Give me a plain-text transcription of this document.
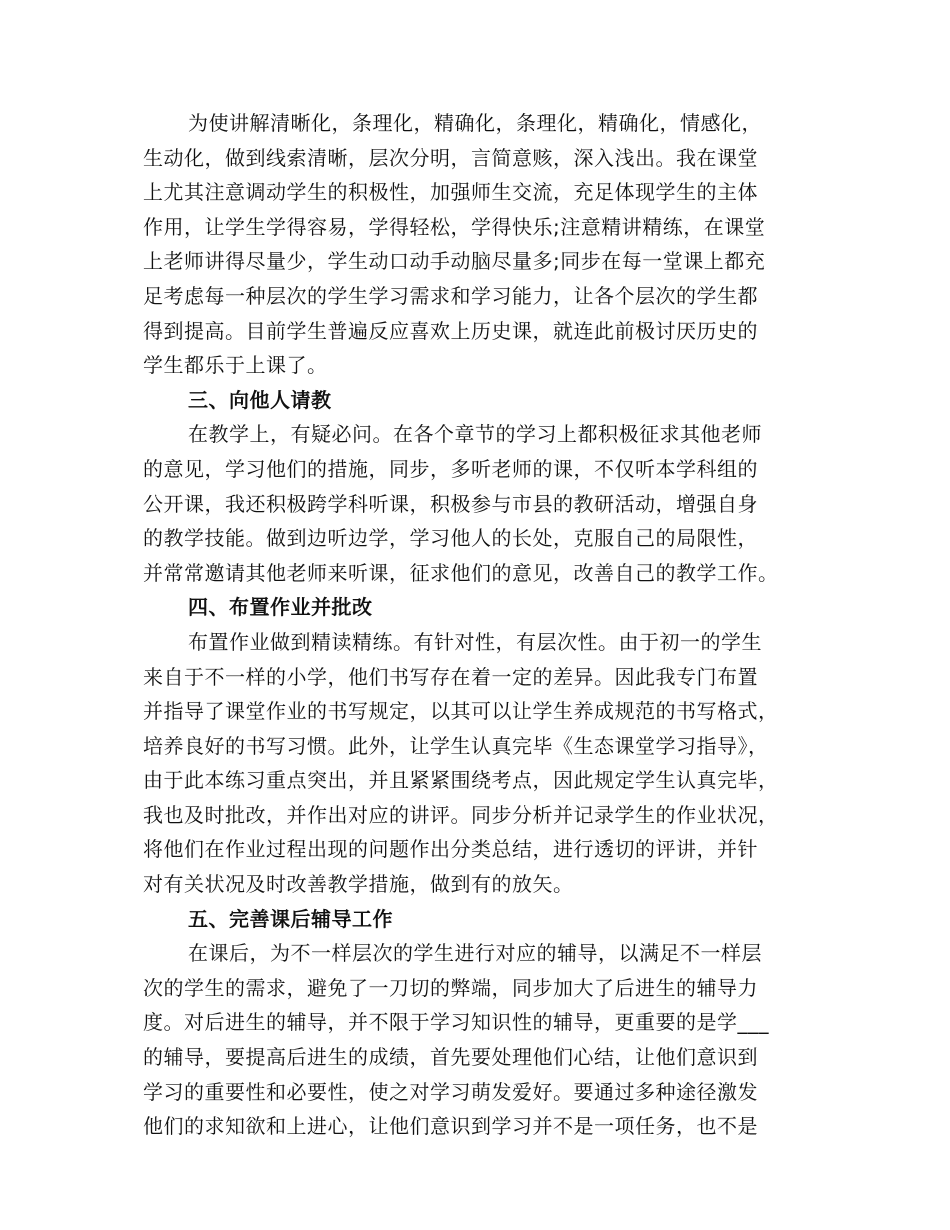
为使讲解清晰化，条理化，精确化，条理化，精确化，情感化，
生动化，做到线索清晰，层次分明，言简意赅，深入浅出。我在课堂
上尤其注意调动学生的积极性，加强师生交流，充足体现学生的主体
作用，让学生学得容易，学得轻松，学得快乐;注意精讲精练，在课堂
上老师讲得尽量少，学生动口动手动脑尽量多;同步在每一堂课上都充
足考虑每一种层次的学生学习需求和学习能力，让各个层次的学生都
得到提高。目前学生普遍反应喜欢上历史课，就连此前极讨厌历史的
学生都乐于上课了。

三、向他人请教

在教学上，有疑必问。在各个章节的学习上都积极征求其他老师
的意见，学习他们的措施，同步，多听老师的课，不仅听本学科组的
公开课，我还积极跨学科听课，积极参与市县的教研活动，增强自身
的教学技能。做到边听边学，学习他人的长处，克服自己的局限性，
并常常邀请其他老师来听课，征求他们的意见，改善自己的教学工作。

四、布置作业并批改

布置作业做到精读精练。有针对性，有层次性。由于初一的学生
来自于不一样的小学，他们书写存在着一定的差异。因此我专门布置
并指导了课堂作业的书写规定，以其可以让学生养成规范的书写格式，
培养良好的书写习惯。此外，让学生认真完毕《生态课堂学习指导》，
由于此本练习重点突出，并且紧紧围绕考点，因此规定学生认真完毕，
我也及时批改，并作出对应的讲评。同步分析并记录学生的作业状况，
将他们在作业过程出现的问题作出分类总结，进行透切的评讲，并针
对有关状况及时改善教学措施，做到有的放矢。

五、完善课后辅导工作

在课后，为不一样层次的学生进行对应的辅导，以满足不一样层
次的学生的需求，避免了一刀切的弊端，同步加大了后进生的辅导力
度。对后进生的辅导，并不限于学习知识性的辅导，更重要的是学___
的辅导，要提高后进生的成绩，首先要处理他们心结，让他们意识到
学习的重要性和必要性，使之对学习萌发爱好。要通过多种途径激发
他们的求知欲和上进心，让他们意识到学习并不是一项任务，也不是
